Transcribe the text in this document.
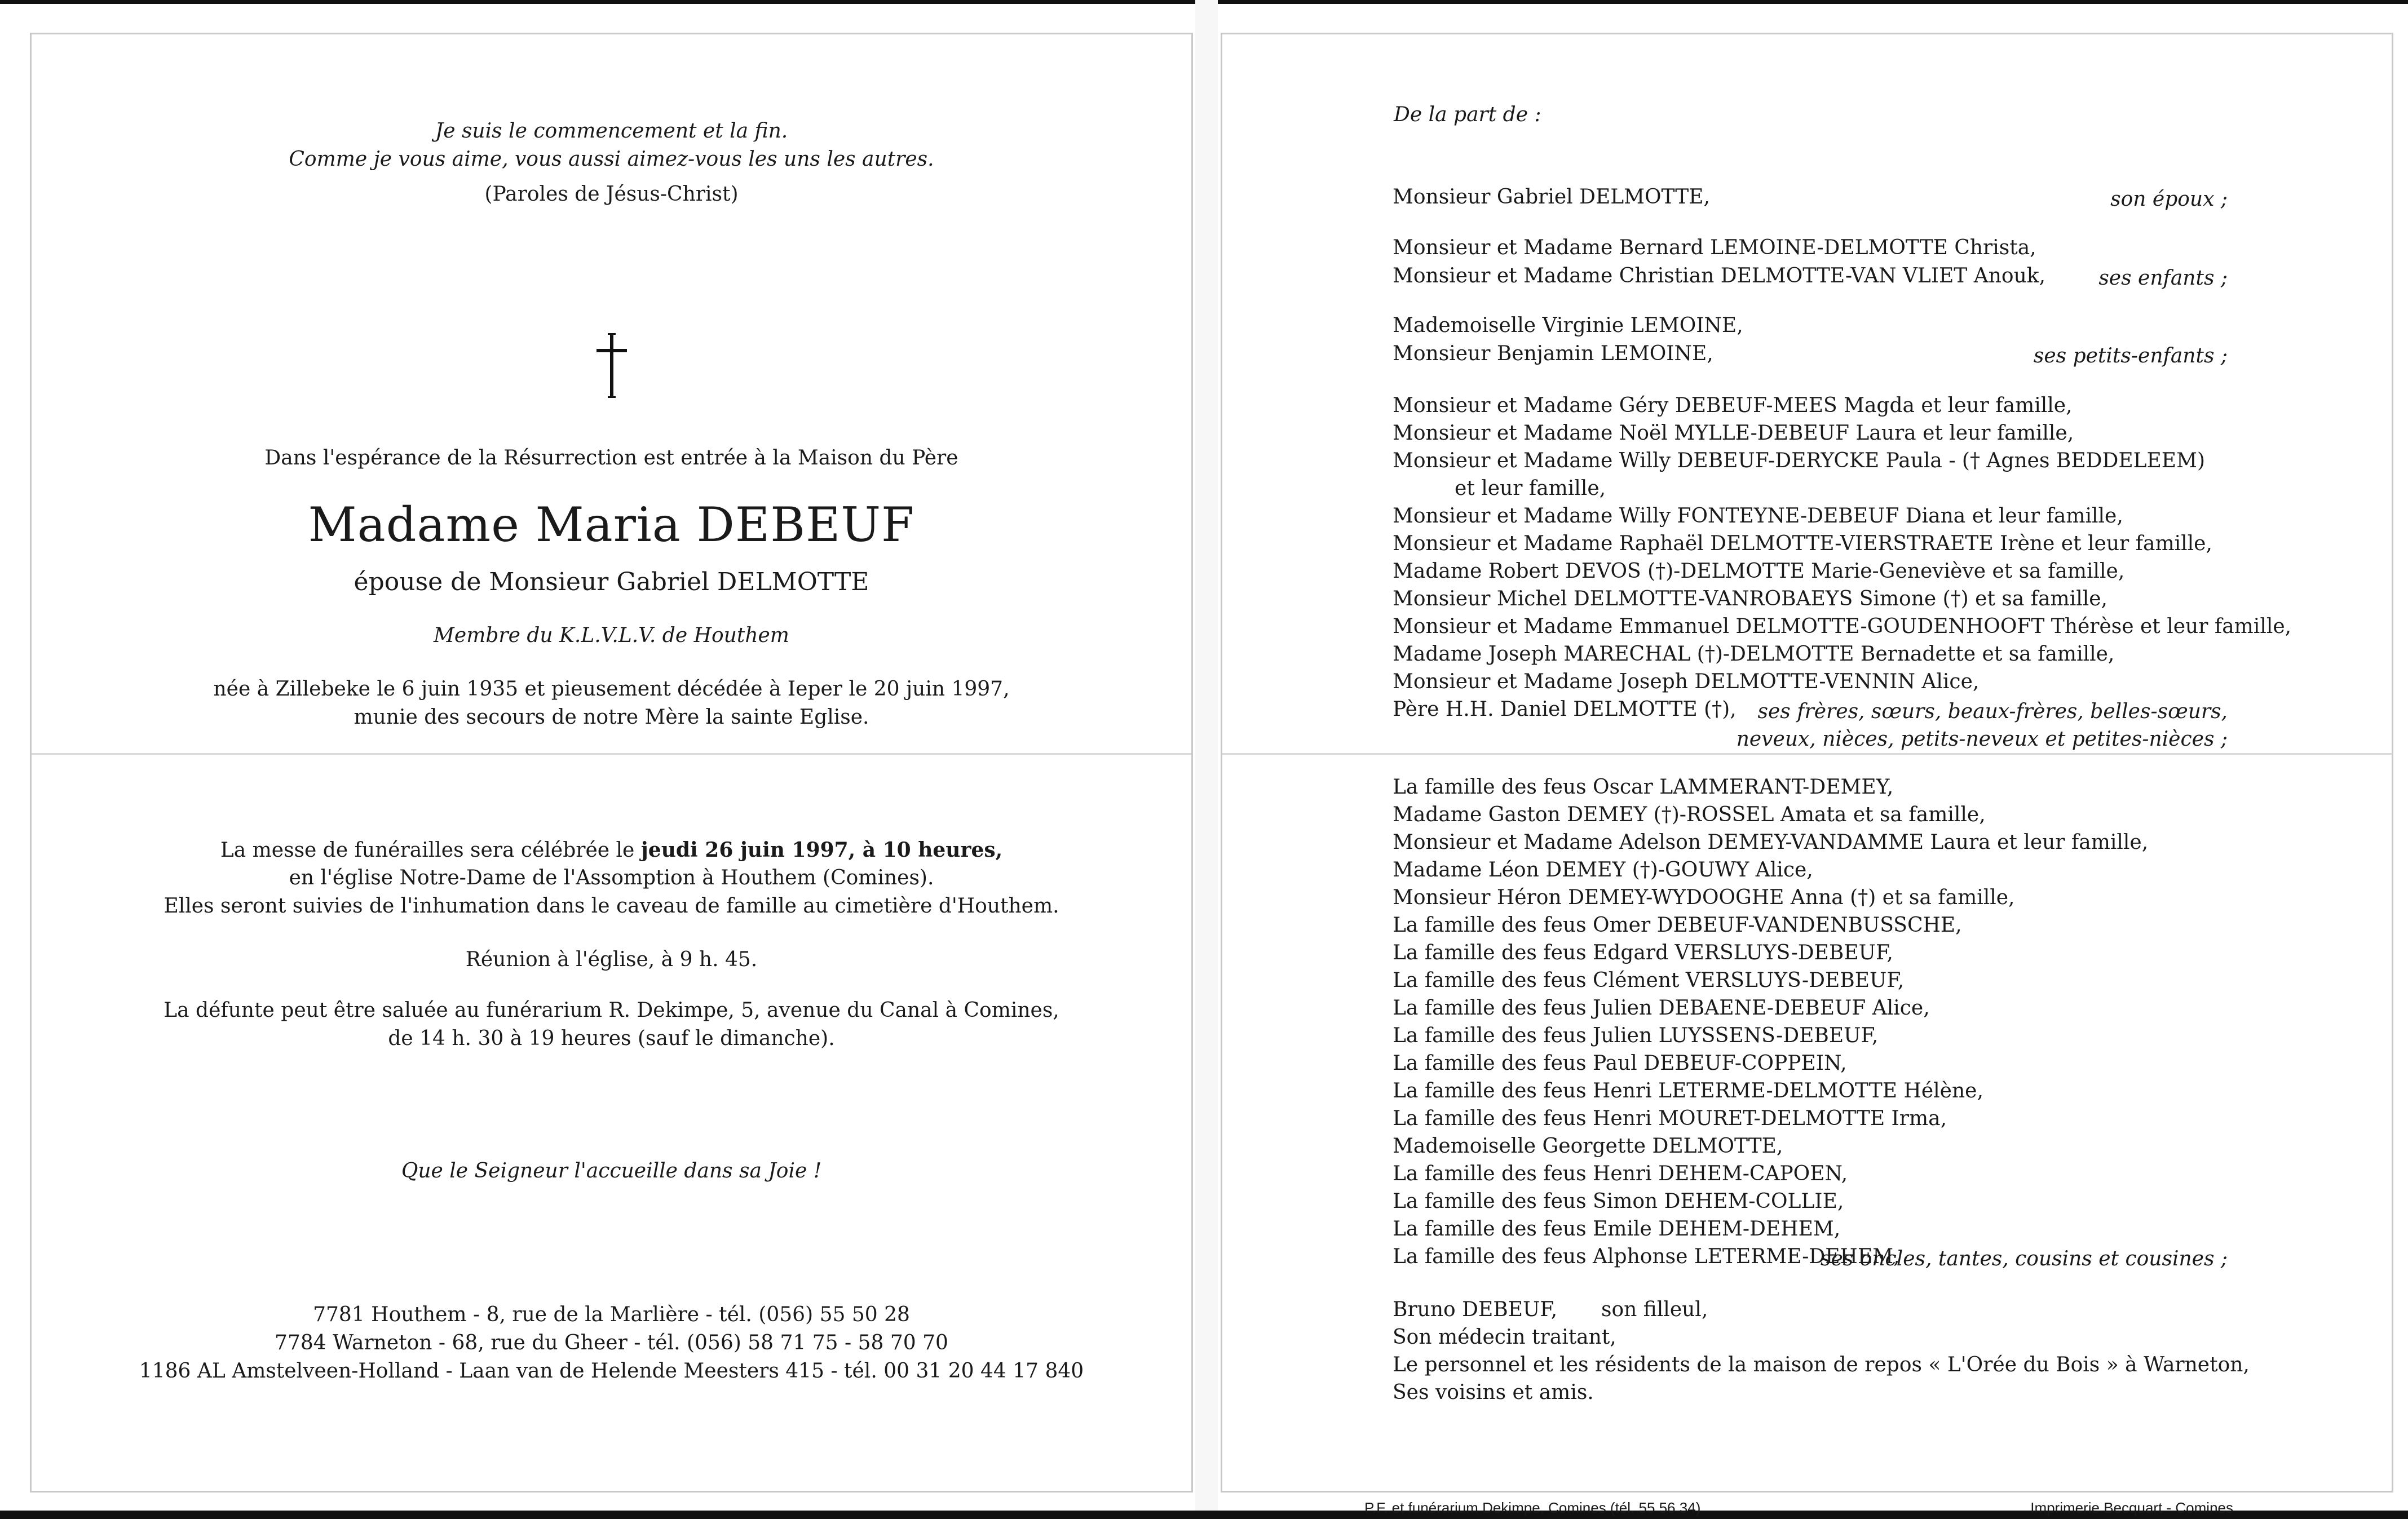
Je suis le commencement et la fin.

Comme je vous aime, vous aussi aimez-vous les uns les autres.

(Paroles de Jésus-Christ)

Dans l'espérance de la Résurrection est entrée à la Maison du Père

Madame Maria DEBEUF

épouse de Monsieur Gabriel DELMOTTE

Membre du K.L.V.L.V. de Houthem

née à Zillebeke le 6 juin 1935 et pieusement décédée à Ieper le 20 juin 1997,

munie des secours de notre Mère la sainte Eglise.

La messe de funérailles sera célébrée le jeudi 26 juin 1997, à 10 heures,

en l'église Notre-Dame de l'Assomption à Houthem (Comines).

Elles seront suivies de l'inhumation dans le caveau de famille au cimetière d'Houthem.

Réunion à l'église, à 9 h. 45.

La défunte peut être saluée au funérarium R. Dekimpe, 5, avenue du Canal à Comines,

de 14 h. 30 à 19 heures (sauf le dimanche).

Que le Seigneur l'accueille dans sa Joie !

7781 Houthem - 8, rue de la Marlière - tél. (056) 55 50 28

7784 Warneton - 68, rue du Gheer - tél. (056) 58 71 75 - 58 70 70

1186 AL Amstelveen-Holland - Laan van de Helende Meesters 415 - tél. 00 31 20 44 17 840

De la part de :

Monsieur Gabriel DELMOTTE,	son époux ;

Monsieur et Madame Bernard LEMOINE-DELMOTTE Christa,

Monsieur et Madame Christian DELMOTTE-VAN VLIET Anouk,	ses enfants ;

Mademoiselle Virginie LEMOINE,

Monsieur Benjamin LEMOINE,	ses petits-enfants ;

Monsieur et Madame Géry DEBEUF-MEES Magda et leur famille,

Monsieur et Madame Noël MYLLE-DEBEUF Laura et leur famille,

Monsieur et Madame Willy DEBEUF-DERYCKE Paula - († Agnes BEDDELEEM)

et leur famille,

Monsieur et Madame Willy FONTEYNE-DEBEUF Diana et leur famille,

Monsieur et Madame Raphaël DELMOTTE-VIERSTRAETE Irène et leur famille,

Madame Robert DEVOS (†)-DELMOTTE Marie-Geneviève et sa famille,

Monsieur Michel DELMOTTE-VANROBAEYS Simone (†) et sa famille,

Monsieur et Madame Emmanuel DELMOTTE-GOUDENHOOFT Thérèse et leur famille,

Madame Joseph MARECHAL (†)-DELMOTTE Bernadette et sa famille,

Monsieur et Madame Joseph DELMOTTE-VENNIN Alice,

Père H.H. Daniel DELMOTTE (†), ses frères, sœurs, beaux-frères, belles-sœurs,

neveux, nièces, petits-neveux et petites-nièces ;

La famille des feus Oscar LAMMERANT-DEMEY,

Madame Gaston DEMEY (†)-ROSSEL Amata et sa famille,

Monsieur et Madame Adelson DEMEY-VANDAMME Laura et leur famille,

Madame Léon DEMEY (†)-GOUWY Alice,

Monsieur Héron DEMEY-WYDOOGHE Anna (†) et sa famille,

La famille des feus Omer DEBEUF-VANDENBUSSCHE,

La famille des feus Edgard VERSLUYS-DEBEUF,

La famille des feus Clément VERSLUYS-DEBEUF,

La famille des feus Julien DEBAENE-DEBEUF Alice,

La famille des feus Julien LUYSSENS-DEBEUF,

La famille des feus Paul DEBEUF-COPPEIN,

La famille des feus Henri LETERME-DELMOTTE Hélène,

La famille des feus Henri MOURET-DELMOTTE Irma,

Mademoiselle Georgette DELMOTTE,

La famille des feus Henri DEHEM-CAPOEN,

La famille des feus Simon DEHEM-COLLIE,

La famille des feus Emile DEHEM-DEHEM,

La famille des feus Alphonse LETERME-DEHEM,

ses oncles, tantes, cousins et cousines ;

Bruno DEBEUF, son filleul,

Son médecin traitant,

Le personnel et les résidents de la maison de repos « L'Orée du Bois » à Warneton,

Ses voisins et amis.

P.F. et funérarium Dekimpe, Comines (tél. 55 56 34)	Imprimerie Becquart - Comines
